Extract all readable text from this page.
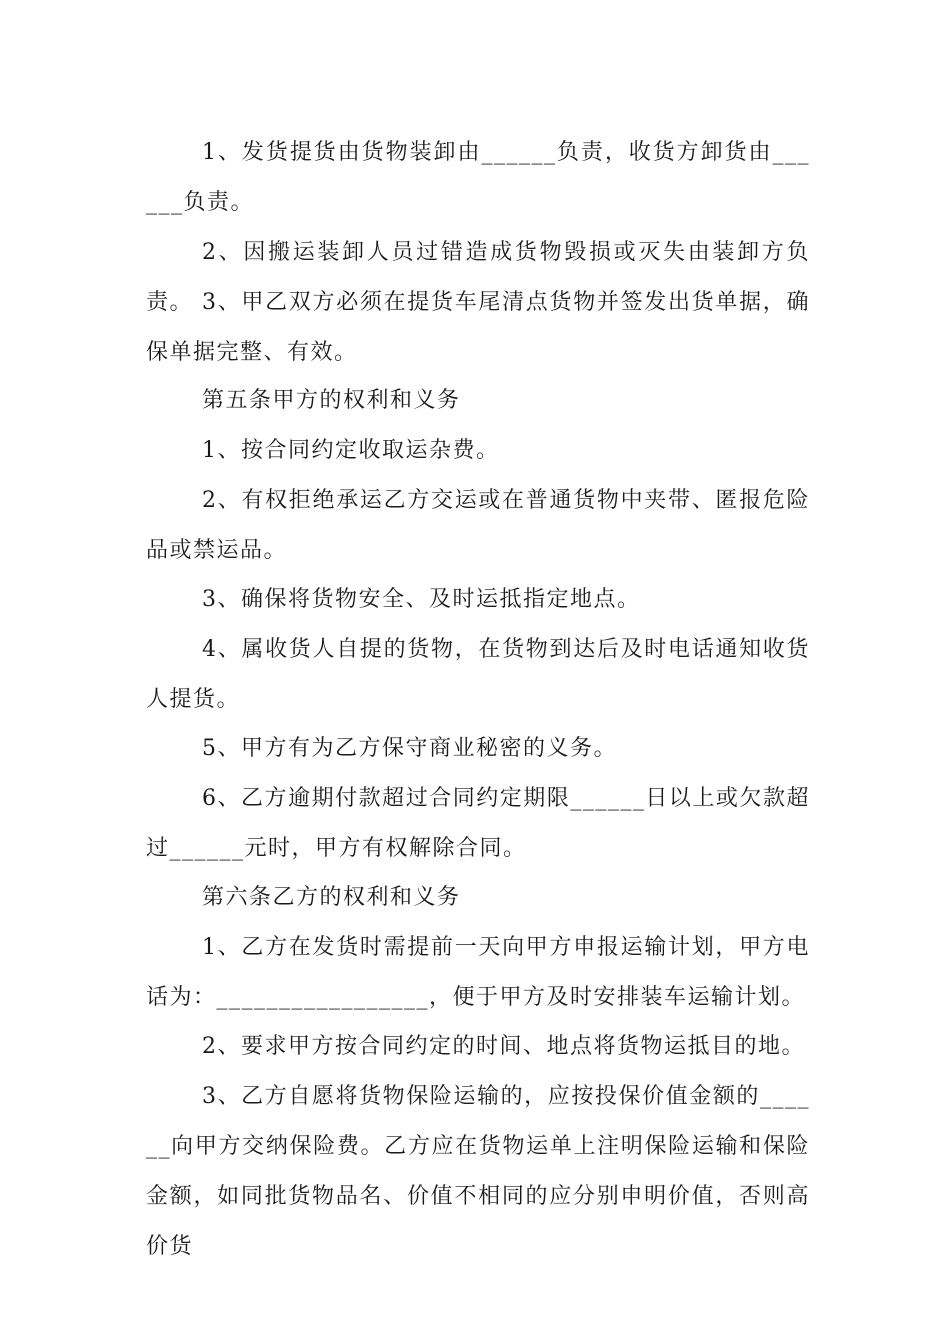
1、发货提货由货物装卸由______负责，收货方卸货由______负责。

2、因搬运装卸人员过错造成货物毁损或灭失由装卸方负责。 3、甲乙双方必须在提货车尾清点货物并签发出货单据，确保单据完整、有效。

第五条甲方的权利和义务

1、按合同约定收取运杂费。

2、有权拒绝承运乙方交运或在普通货物中夹带、匿报危险品或禁运品。

3、确保将货物安全、及时运抵指定地点。

4、属收货人自提的货物，在货物到达后及时电话通知收货人提货。

5、甲方有为乙方保守商业秘密的义务。

6、乙方逾期付款超过合同约定期限______日以上或欠款超过______元时，甲方有权解除合同。

第六条乙方的权利和义务

1、乙方在发货时需提前一天向甲方申报运输计划，甲方电话为：_________________，便于甲方及时安排装车运输计划。

2、要求甲方按合同约定的时间、地点将货物运抵目的地。

3、乙方自愿将货物保险运输的，应按投保价值金额的______向甲方交纳保险费。乙方应在货物运单上注明保险运输和保险金额，如同批货物品名、价值不相同的应分别申明价值，否则高价货
